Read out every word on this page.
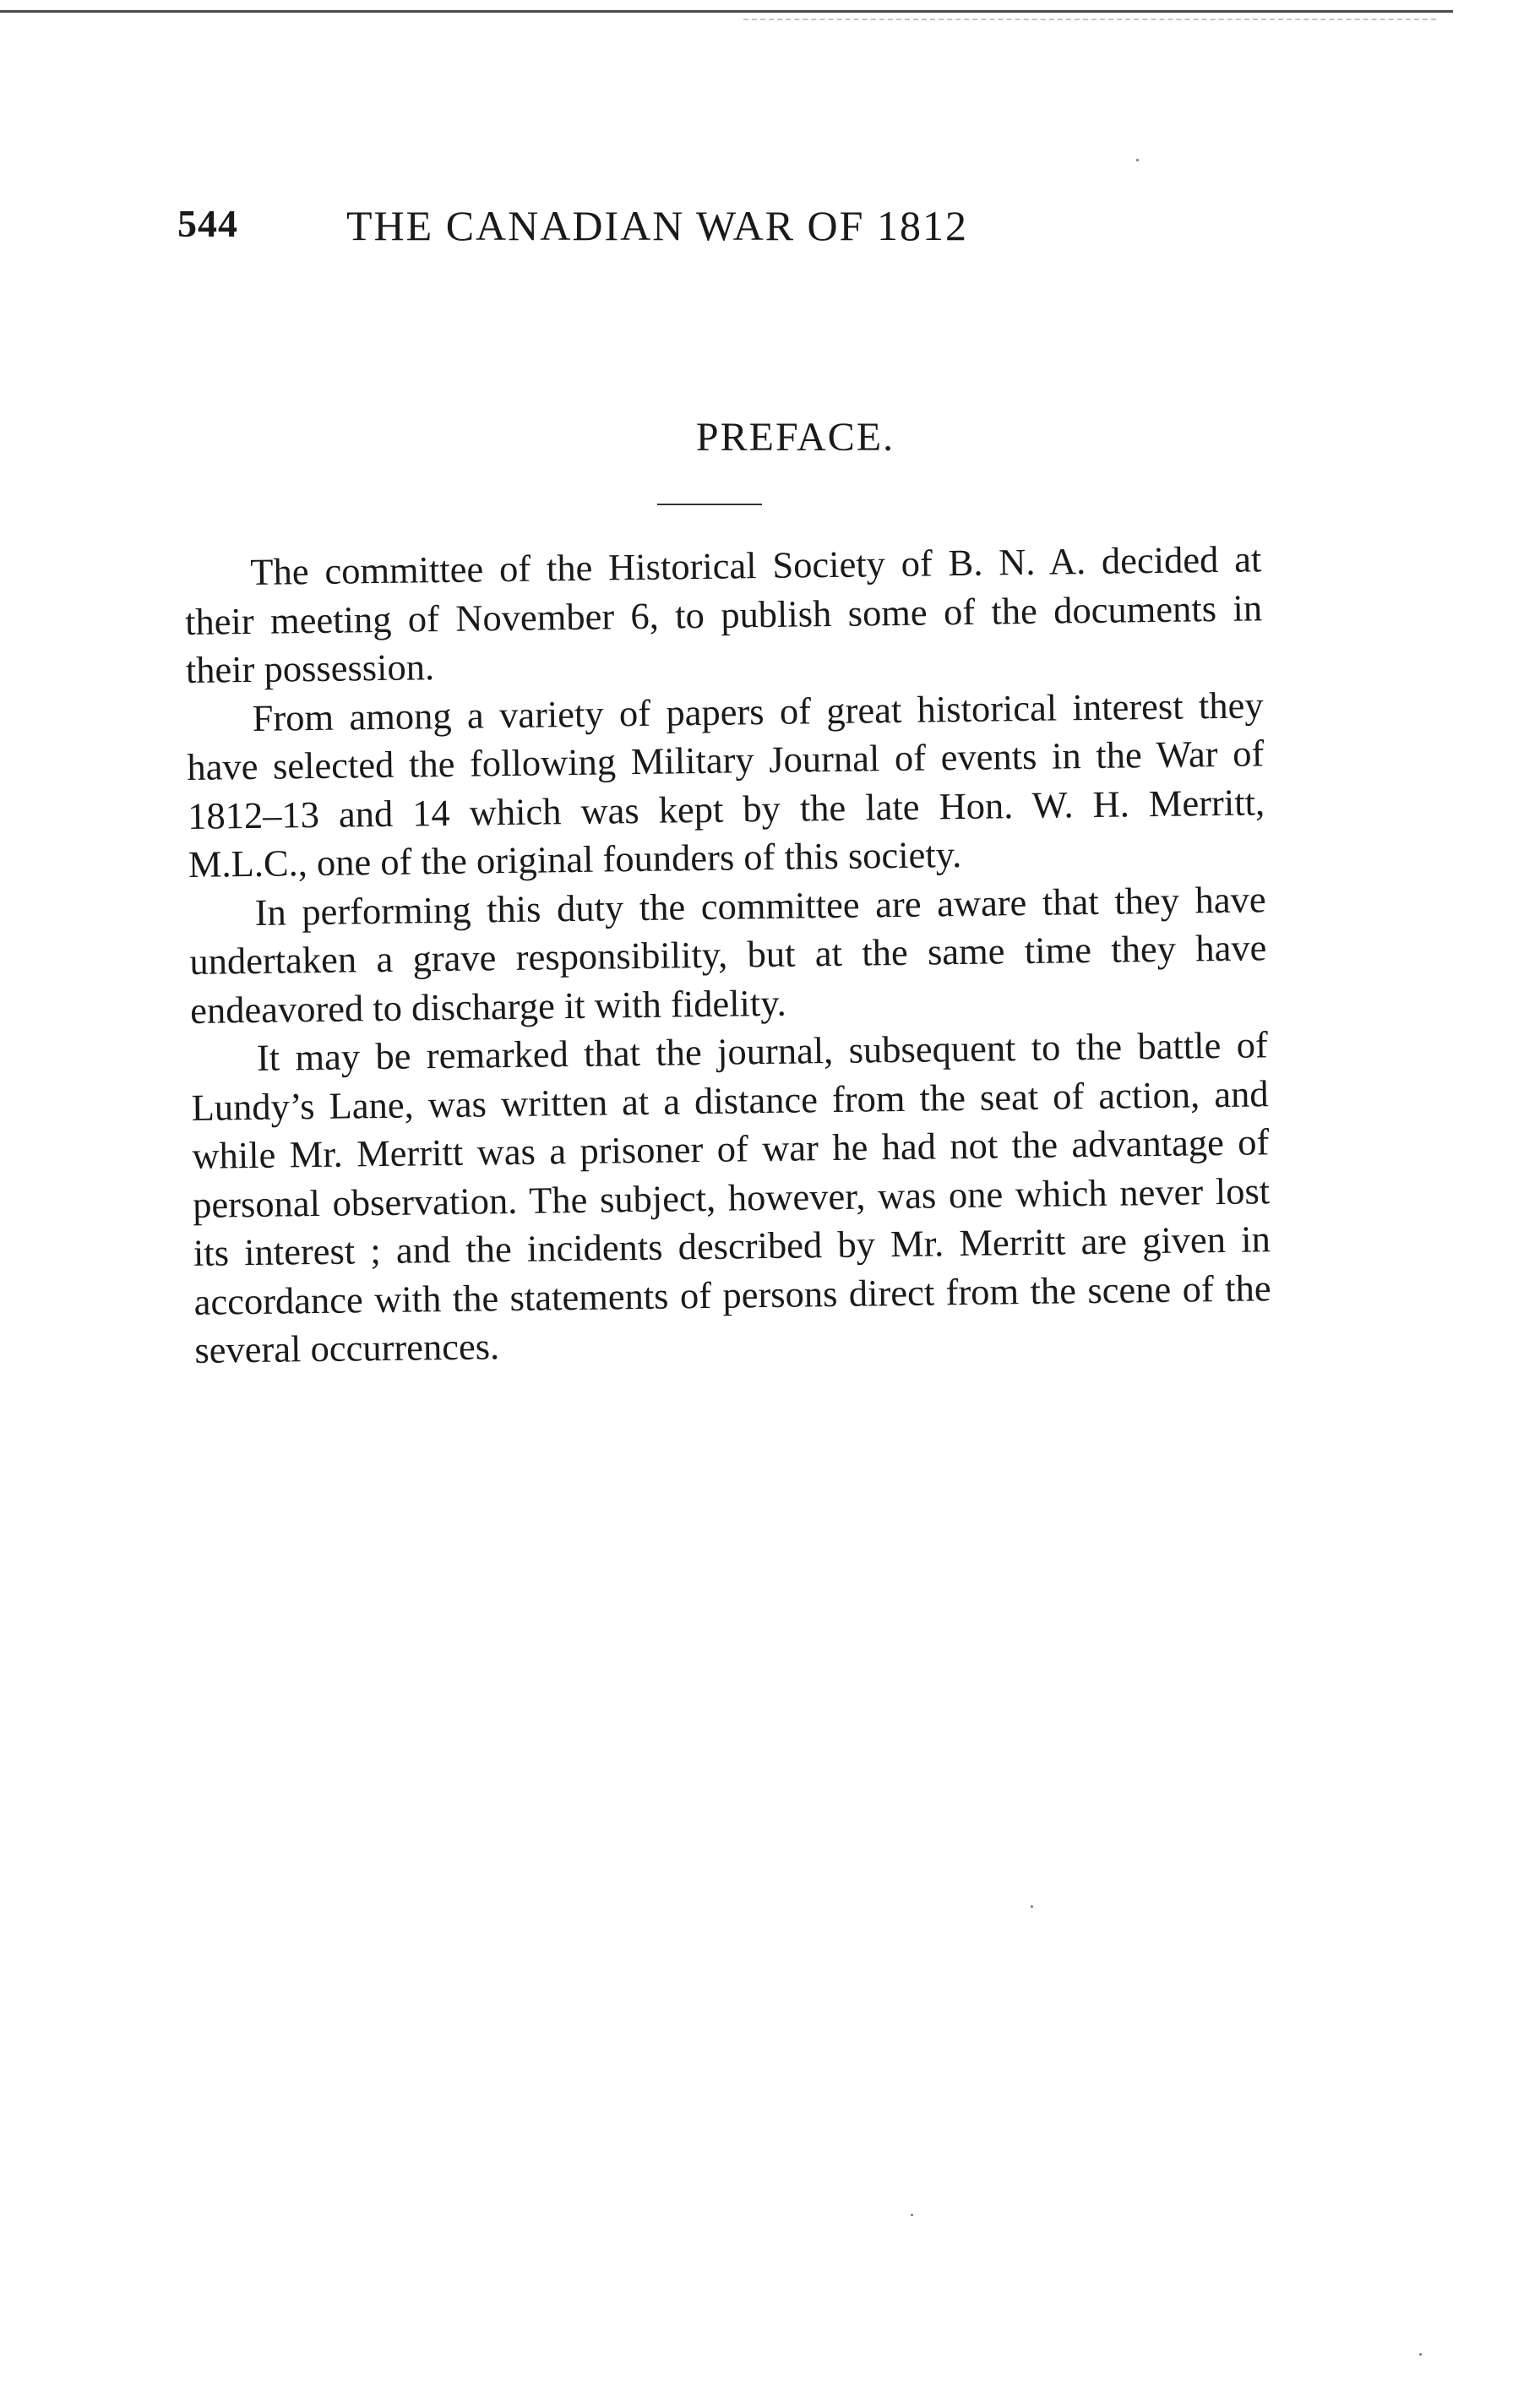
544	THE CANADIAN WAR OF 1812
PREFACE.

The committee of the Historical Society of B. N. A. decided at their meeting of November 6, to publish some of the documents in their possession.

From among a variety of papers of great historical interest they have selected the following Military Journal of events in the War of 1812–13 and 14 which was kept by the late Hon. W. H. Merritt, M.L.C., one of the original founders of this society.

In performing this duty the committee are aware that they have undertaken a grave responsibility, but at the same time they have endeavored to discharge it with fidelity.

It may be remarked that the journal, subsequent to the battle of Lundy’s Lane, was written at a distance from the seat of action, and while Mr. Merritt was a prisoner of war he had not the advantage of personal observation. The subject, however, was one which never lost its interest ; and the incidents described by Mr. Merritt are given in accordance with the statements of persons direct from the scene of the several occurrences.
